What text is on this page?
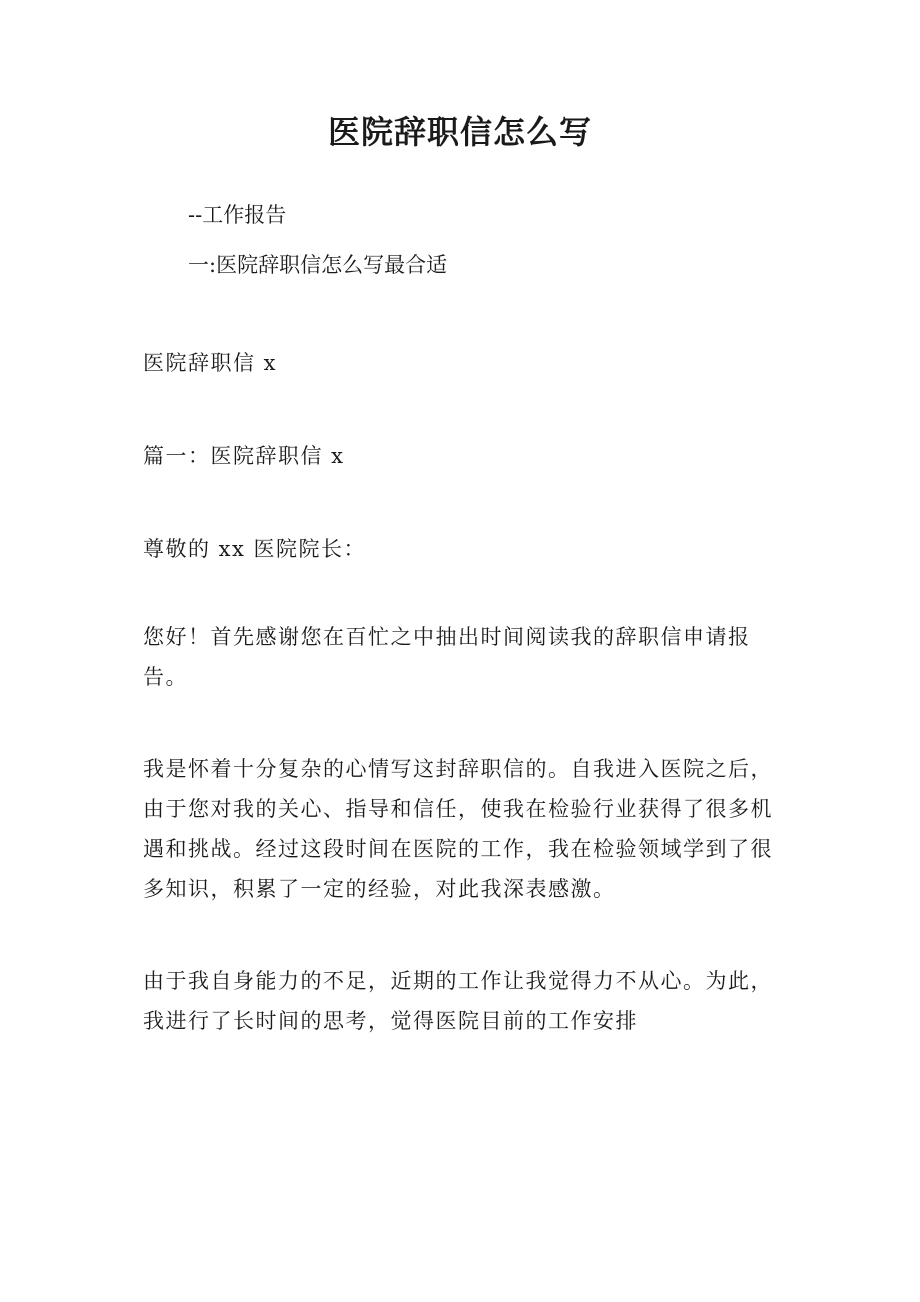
医院辞职信怎么写

--工作报告

一:医院辞职信怎么写最合适

医院辞职信 x

篇一：医院辞职信 x

尊敬的 xx 医院院长：

您好！首先感谢您在百忙之中抽出时间阅读我的辞职信申请报告。

我是怀着十分复杂的心情写这封辞职信的。自我进入医院之后，由于您对我的关心、指导和信任，使我在检验行业获得了很多机遇和挑战。经过这段时间在医院的工作，我在检验领域学到了很多知识，积累了一定的经验，对此我深表感激。

由于我自身能力的不足，近期的工作让我觉得力不从心。为此，我进行了长时间的思考，觉得医院目前的工作安排
